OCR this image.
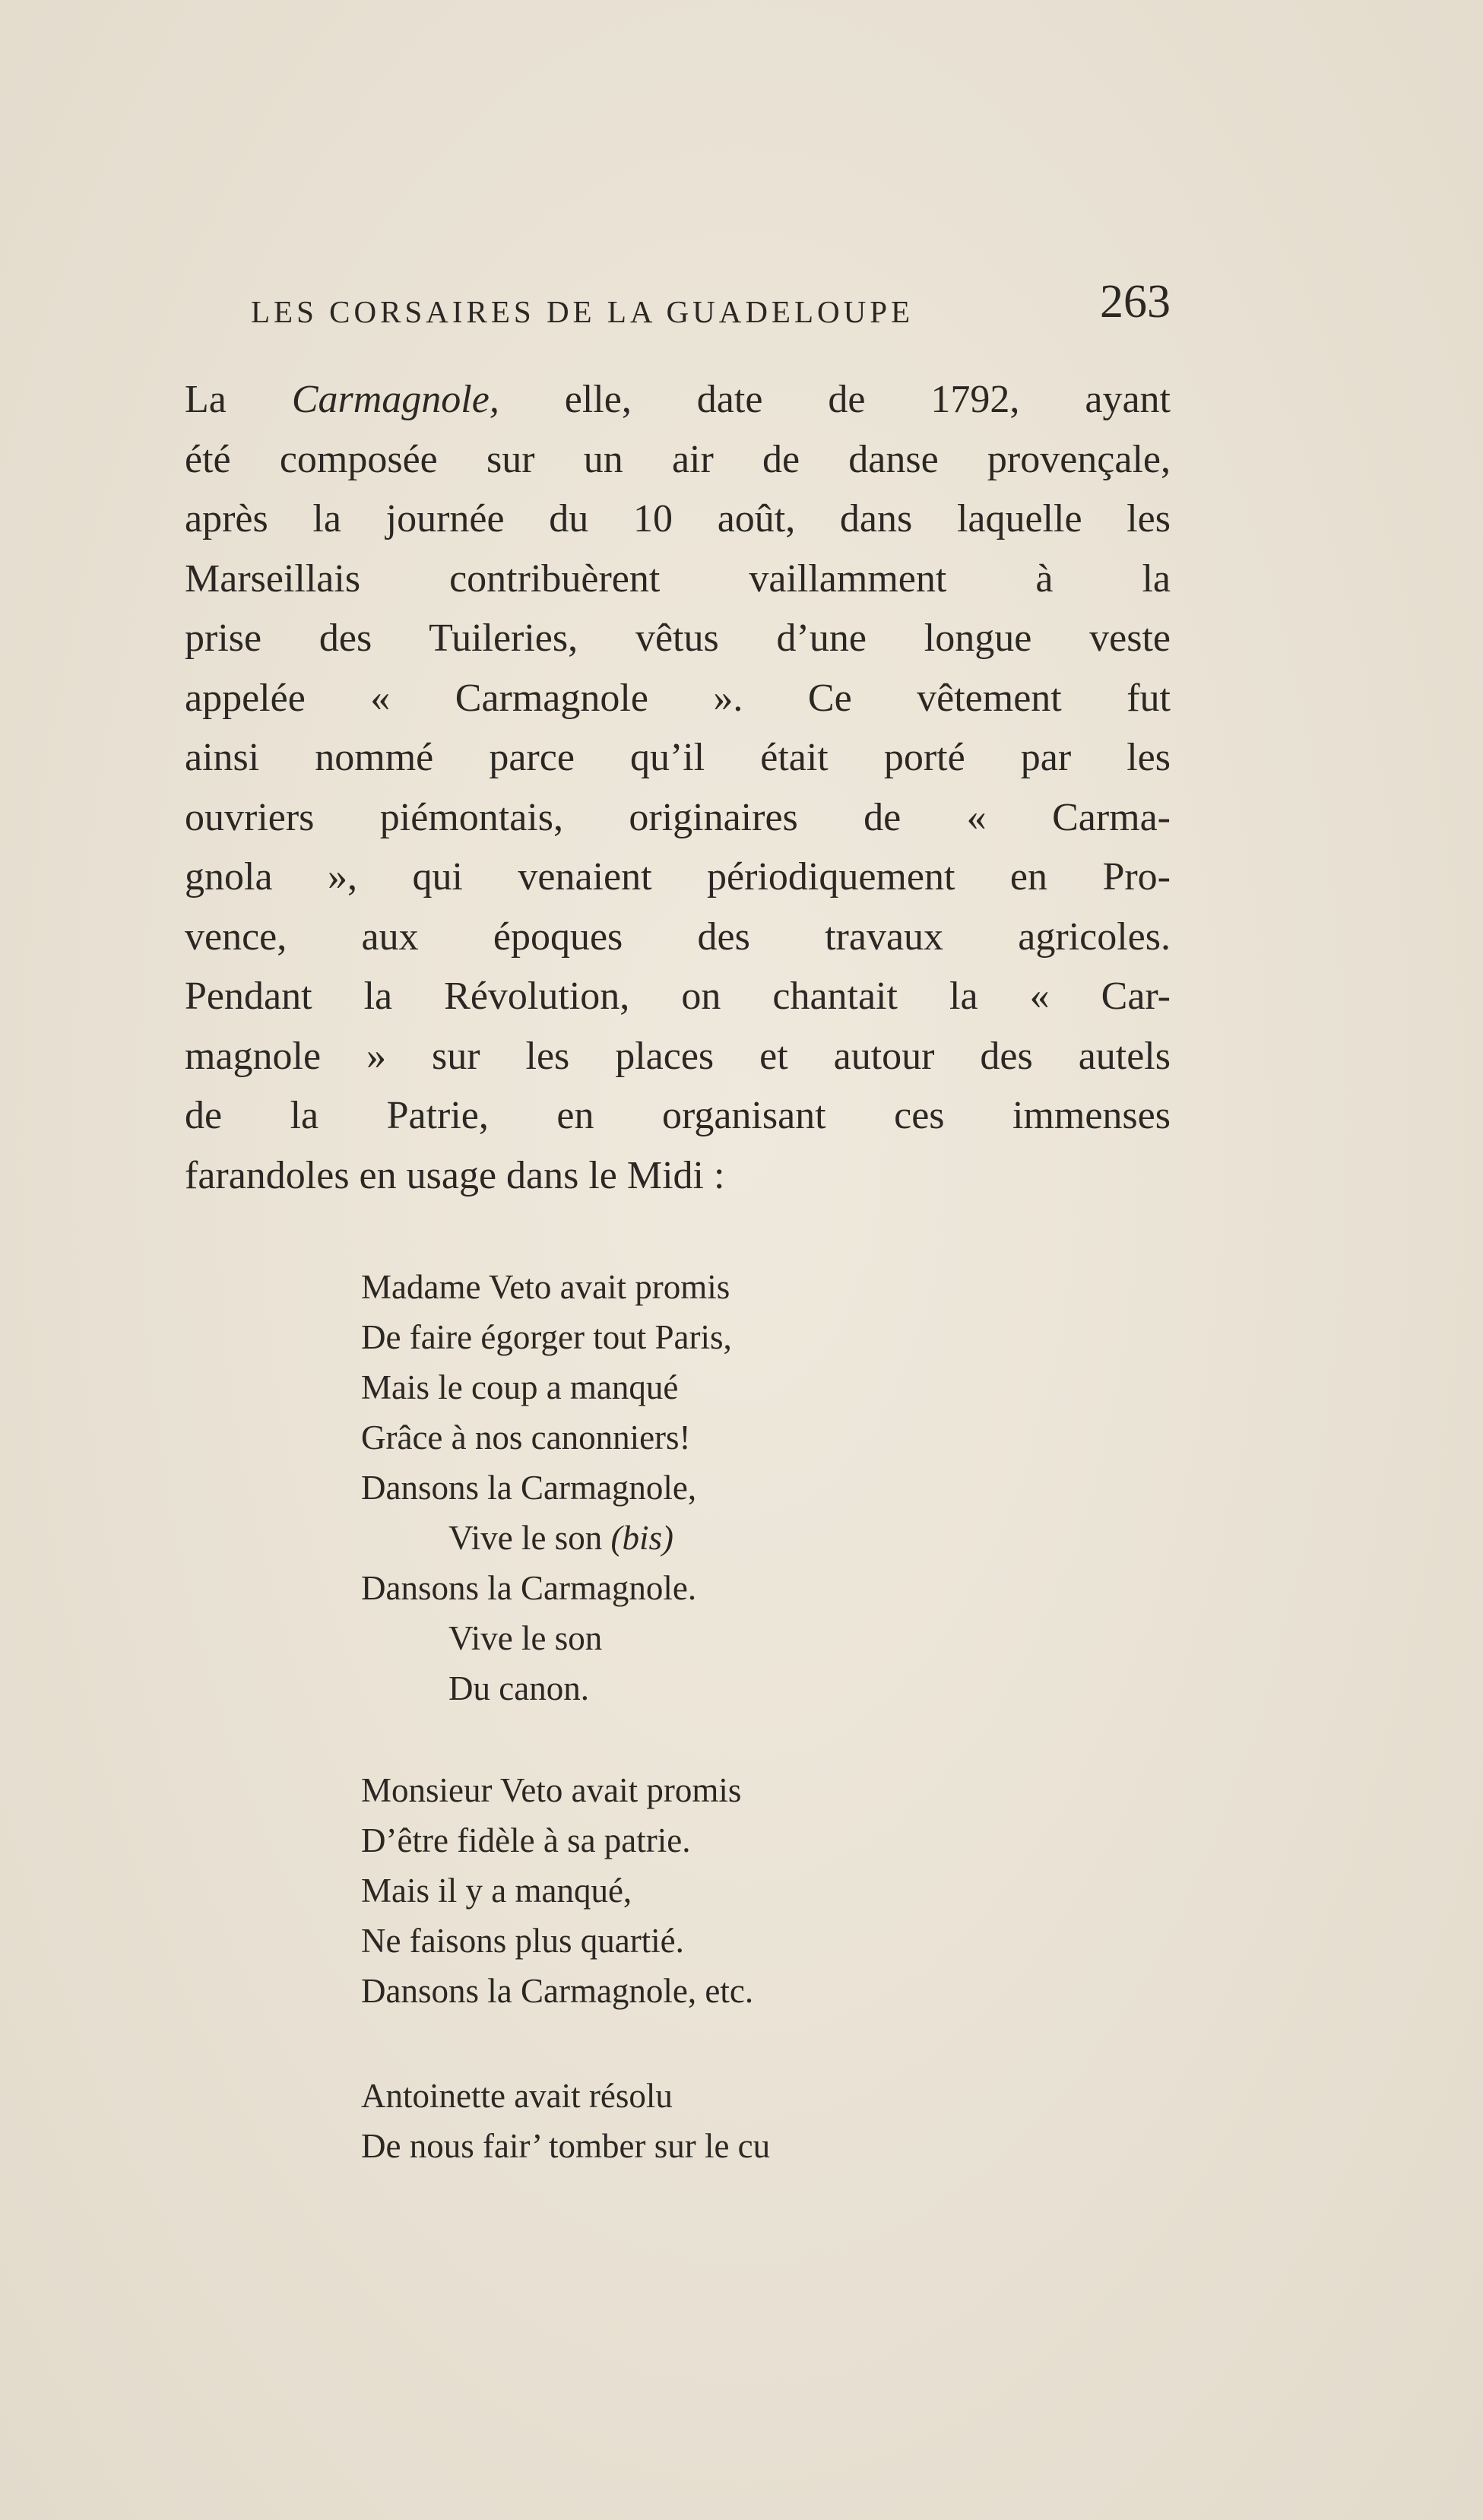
LES CORSAIRES DE LA GUADELOUPE	263
La Carmagnole, elle, date de 1792, ayant
été composée sur un air de danse provençale,
après la journée du 10 août, dans laquelle les
Marseillais contribuèrent vaillamment à la
prise des Tuileries, vêtus d’une longue veste
appelée « Carmagnole ». Ce vêtement fut
ainsi nommé parce qu’il était porté par les
ouvriers piémontais, originaires de « Carma-
gnola », qui venaient périodiquement en Pro-
vence, aux époques des travaux agricoles.
Pendant la Révolution, on chantait la « Car-
magnole » sur les places et autour des autels
de la Patrie, en organisant ces immenses
farandoles en usage dans le Midi :
Madame Veto avait promis
De faire égorger tout Paris,
Mais le coup a manqué
Grâce à nos canonniers!
Dansons la Carmagnole,
Vive le son (bis)
Dansons la Carmagnole.
Vive le son
Du canon.
Monsieur Veto avait promis
D’être fidèle à sa patrie.
Mais il y a manqué,
Ne faisons plus quartié.
Dansons la Carmagnole, etc.
Antoinette avait résolu
De nous fair’ tomber sur le cu
